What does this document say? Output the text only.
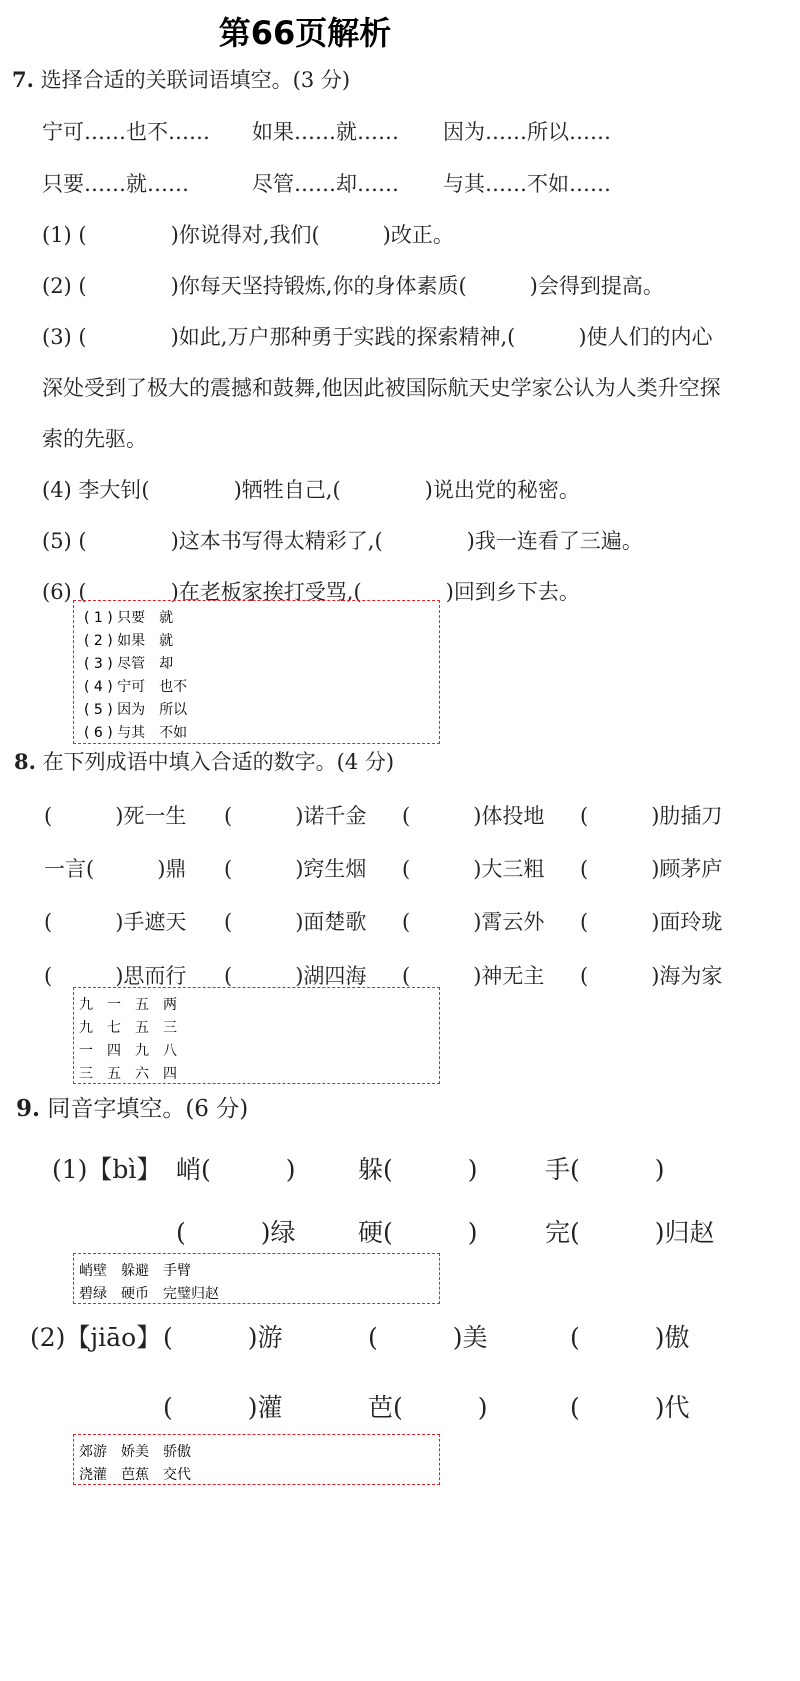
第66页解析
7. 选择合适的关联词语填空。(3 分)
宁可……也不…… 如果……就…… 因为……所以……
只要……就……	尽管……却…… 与其……不如……
(1) (　　　　)你说得对,我们(　　　)改正。
(2) (　　　　)你每天坚持锻炼,你的身体素质(　　　)会得到提高。
(3) (　　　　)如此,万户那种勇于实践的探索精神,(　　　)使人们的内心
深处受到了极大的震撼和鼓舞,他因此被国际航天史学家公认为人类升空探
索的先驱。
(4) 李大钊(　　　　)牺牲自己,(　　　　)说出党的秘密。
(5) (　　　　)这本书写得太精彩了,(　　　　)我一连看了三遍。
(6) (　　　　)在老板家挨打受骂,(　　　　)回到乡下去。
( 1 ) 只要　就
( 2 ) 如果　就
( 3 ) 尽管　却
( 4 ) 宁可　也不
( 5 ) 因为　所以
( 6 ) 与其　不如
8. 在下列成语中填入合适的数字。(4 分)
(　　　)死一生 (　　　)诺千金 (　　　)体投地 (　　　)肋插刀
一言(　　　)鼎 (　　　)窍生烟 (　　　)大三粗 (　　　)顾茅庐
(　　　)手遮天 (　　　)面楚歌 (　　　)霄云外 (　　　)面玲珑
(　　　)思而行 (　　　)湖四海 (　　　)神无主 (　　　)海为家
九　一　五　两
九　七　五　三
一　四　九　八
三　五　六　四
9. 同音字填空。(6 分)
(1)【bì】 峭(　　　) 躲(　　　)	手(　　　)
(　　　)绿 硬(　　　)	完(　　　)归赵
峭壁　躲避　手臂
碧绿　硬币　完璧归赵
(2)【jiāo】 (　　　)游	(　　　)美	(　　　)傲
(　　　)灌	芭(　　　)	(　　　)代
郊游　娇美　骄傲
浇灌　芭蕉　交代
